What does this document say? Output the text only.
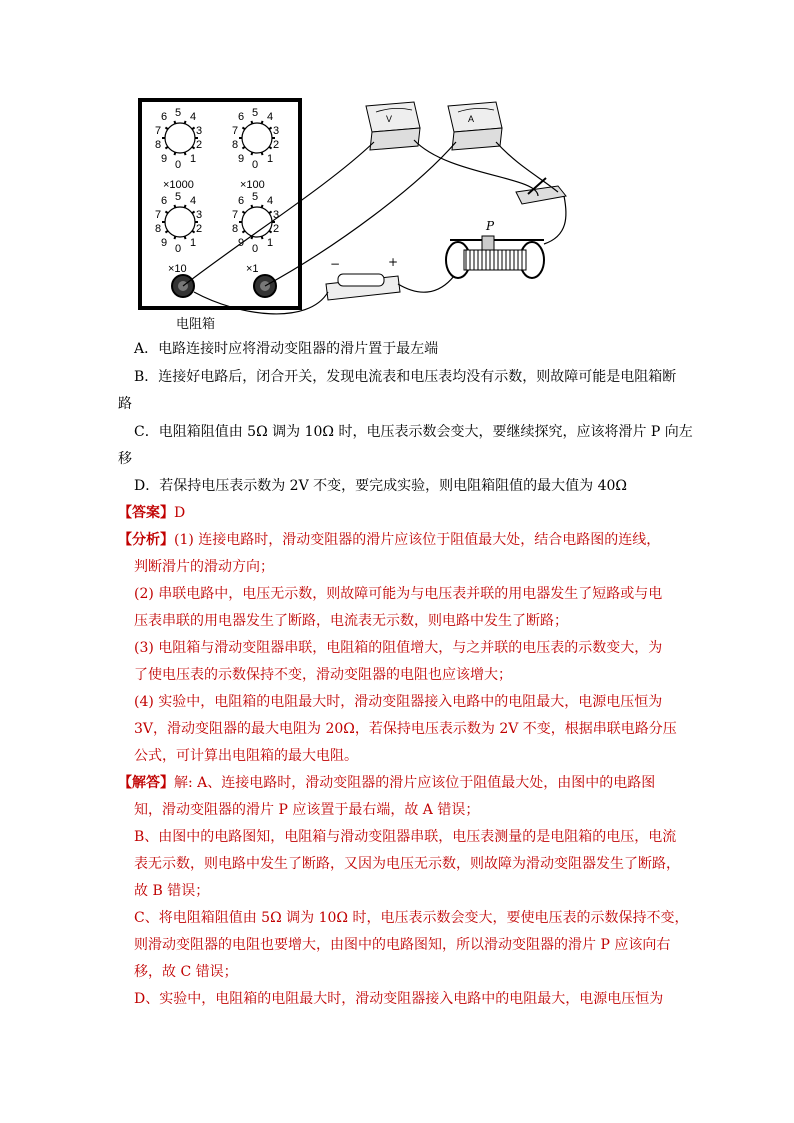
6 5 4
7	3
8	2
9 0 1
6 5 4
7	3
8	2
9 0 1
6 5 4
7	3
8	2
9 0 1
6 5 4
7	3
8	2
9 0 1
×1000	×100
×10	×1
电阻箱
V	A
−	+
P
A．电路连接时应将滑动变阻器的滑片置于最左端
B．连接好电路后，闭合开关，发现电流表和电压表均没有示数，则故障可能是电阻箱断
路
C．电阻箱阻值由 5Ω 调为 10Ω 时，电压表示数会变大，要继续探究，应该将滑片 P 向左
移
D．若保持电压表示数为 2V 不变，要完成实验，则电阻箱阻值的最大值为 40Ω
【答案】D
【分析】(1) 连接电路时，滑动变阻器的滑片应该位于阻值最大处，结合电路图的连线，
判断滑片的滑动方向；
(2) 串联电路中，电压无示数，则故障可能为与电压表并联的用电器发生了短路或与电
压表串联的用电器发生了断路，电流表无示数，则电路中发生了断路；
(3) 电阻箱与滑动变阻器串联，电阻箱的阻值增大，与之并联的电压表的示数变大，为
了使电压表的示数保持不变，滑动变阻器的电阻也应该增大；
(4) 实验中，电阻箱的电阻最大时，滑动变阻器接入电路中的电阻最大，电源电压恒为
3V，滑动变阻器的最大电阻为 20Ω，若保持电压表示数为 2V 不变，根据串联电路分压
公式，可计算出电阻箱的最大电阻。
【解答】解: A、连接电路时，滑动变阻器的滑片应该位于阻值最大处，由图中的电路图
知，滑动变阻器的滑片 P 应该置于最右端，故 A 错误；
B、由图中的电路图知，电阻箱与滑动变阻器串联，电压表测量的是电阻箱的电压，电流
表无示数，则电路中发生了断路，又因为电压无示数，则故障为滑动变阻器发生了断路，
故 B 错误；
C、将电阻箱阻值由 5Ω 调为 10Ω 时，电压表示数会变大，要使电压表的示数保持不变，
则滑动变阻器的电阻也要增大，由图中的电路图知，所以滑动变阻器的滑片 P 应该向右
移，故 C 错误；
D、实验中，电阻箱的电阻最大时，滑动变阻器接入电路中的电阻最大，电源电压恒为
